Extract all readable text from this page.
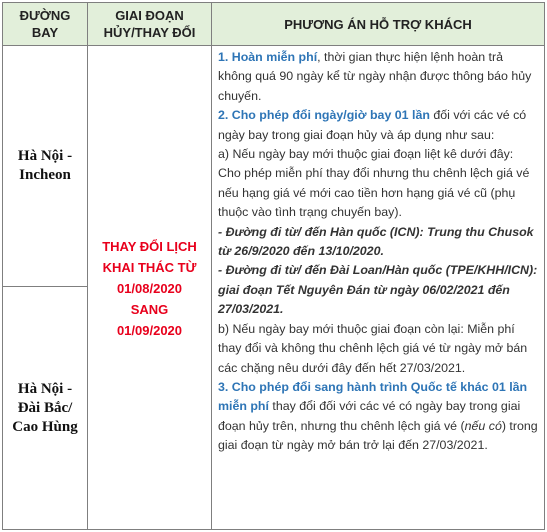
ĐƯỜNG
BAY
GIAI ĐOẠN
HỦY/THAY ĐỔI
PHƯƠNG ÁN HỖ TRỢ KHÁCH
Hà Nội -
Incheon
Hà Nội -
Đài Bắc/
Cao Hùng
THAY ĐỔI LỊCH
KHAI THÁC TỪ
01/08/2020
SANG
01/09/2020

1. Hoàn miễn phí, thời gian thực hiện lệnh hoàn trả không quá 90 ngày kể từ ngày nhận được thông báo hủy chuyến.

2. Cho phép đổi ngày/giờ bay 01 lần đối với các vé có ngày bay trong giai đoạn hủy và áp dụng như sau:

a) Nếu ngày bay mới thuộc giai đoạn liệt kê dưới đây: Cho phép miễn phí thay đổi nhưng thu chênh lệch giá vé nếu hạng giá vé mới cao tiền hơn hạng giá vé cũ (phụ thuộc vào tình trạng chuyến bay).

- Đường đi từ/ đến Hàn quốc (ICN): Trung thu Chusok từ 26/9/2020 đến 13/10/2020.

- Đường đi từ/ đến Đài Loan/Hàn quốc (TPE/KHH/ICN): giai đoạn Tết Nguyên Đán từ ngày 06/02/2021 đến 27/03/2021.

b) Nếu ngày bay mới thuộc giai đoạn còn lại: Miễn phí thay đổi và không thu chênh lệch giá vé từ ngày mở bán các chặng nêu dưới đây đến hết 27/03/2021.

3. Cho phép đổi sang hành trình Quốc tế khác 01 lần miễn phí thay đổi đối với các vé có ngày bay trong giai đoạn hủy trên, nhưng thu chênh lệch giá vé (nếu có) trong giai đoạn từ ngày mở bán trở lại đến 27/03/2021.
